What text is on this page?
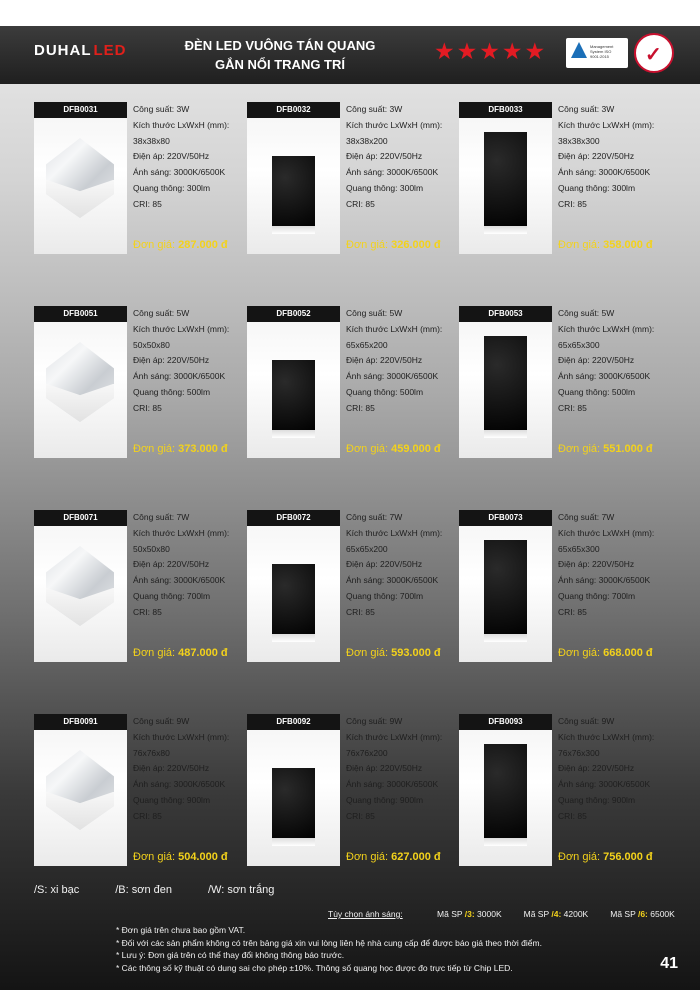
DUHAL LED	ĐÈN LED VUÔNG TÁN QUANG
GẮN NỔI TRANG TRÍ
★ ★ ★ ★ ★	Management System ISO 9001:2015	✓
DFB0031	Công suất: 3W
Kích thước LxWxH (mm):
38x38x80
Điện áp: 220V/50Hz
Ánh sáng: 3000K/6500K
Quang thông: 300lm
CRI: 85
Đơn giá: 287.000 đ
DFB0032	Công suất: 3W
Kích thước LxWxH (mm):
38x38x200
Điện áp: 220V/50Hz
Ánh sáng: 3000K/6500K
Quang thông: 300lm
CRI: 85
Đơn giá: 326.000 đ
DFB0033	Công suất: 3W
Kích thước LxWxH (mm):
38x38x300
Điện áp: 220V/50Hz
Ánh sáng: 3000K/6500K
Quang thông: 300lm
CRI: 85
Đơn giá: 358.000 đ
DFB0051	Công suất: 5W
Kích thước LxWxH (mm):
50x50x80
Điện áp: 220V/50Hz
Ánh sáng: 3000K/6500K
Quang thông: 500lm
CRI: 85
Đơn giá: 373.000 đ
DFB0052	Công suất: 5W
Kích thước LxWxH (mm):
65x65x200
Điện áp: 220V/50Hz
Ánh sáng: 3000K/6500K
Quang thông: 500lm
CRI: 85
Đơn giá: 459.000 đ
DFB0053	Công suất: 5W
Kích thước LxWxH (mm):
65x65x300
Điện áp: 220V/50Hz
Ánh sáng: 3000K/6500K
Quang thông: 500lm
CRI: 85
Đơn giá: 551.000 đ
DFB0071	Công suất: 7W
Kích thước LxWxH (mm):
50x50x80
Điện áp: 220V/50Hz
Ánh sáng: 3000K/6500K
Quang thông: 700lm
CRI: 85
Đơn giá: 487.000 đ
DFB0072	Công suất: 7W
Kích thước LxWxH (mm):
65x65x200
Điện áp: 220V/50Hz
Ánh sáng: 3000K/6500K
Quang thông: 700lm
CRI: 85
Đơn giá: 593.000 đ
DFB0073	Công suất: 7W
Kích thước LxWxH (mm):
65x65x300
Điện áp: 220V/50Hz
Ánh sáng: 3000K/6500K
Quang thông: 700lm
CRI: 85
Đơn giá: 668.000 đ
DFB0091	Công suất: 9W
Kích thước LxWxH (mm):
76x76x80
Điện áp: 220V/50Hz
Ánh sáng: 3000K/6500K
Quang thông: 900lm
CRI: 85
Đơn giá: 504.000 đ
DFB0092	Công suất: 9W
Kích thước LxWxH (mm):
76x76x200
Điện áp: 220V/50Hz
Ánh sáng: 3000K/6500K
Quang thông: 900lm
CRI: 85
Đơn giá: 627.000 đ
DFB0093	Công suất: 9W
Kích thước LxWxH (mm):
76x76x300
Điện áp: 220V/50Hz
Ánh sáng: 3000K/6500K
Quang thông: 900lm
CRI: 85
Đơn giá: 756.000 đ
/S: xi bạc	/B: sơn đen	/W: sơn trắng
Tùy chọn ánh sáng:	Mã SP /3: 3000K	Mã SP /4: 4200K	Mã SP /6: 6500K
* Đơn giá trên chưa bao gồm VAT.
* Đối với các sản phẩm không có trên bảng giá xin vui lòng liên hệ nhà cung cấp để được báo giá theo thời điểm.
* Lưu ý: Đơn giá trên có thể thay đổi không thông báo trước.
* Các thông số kỹ thuật có dung sai cho phép ±10%. Thông số quang học được đo trực tiếp từ Chip LED.	41
